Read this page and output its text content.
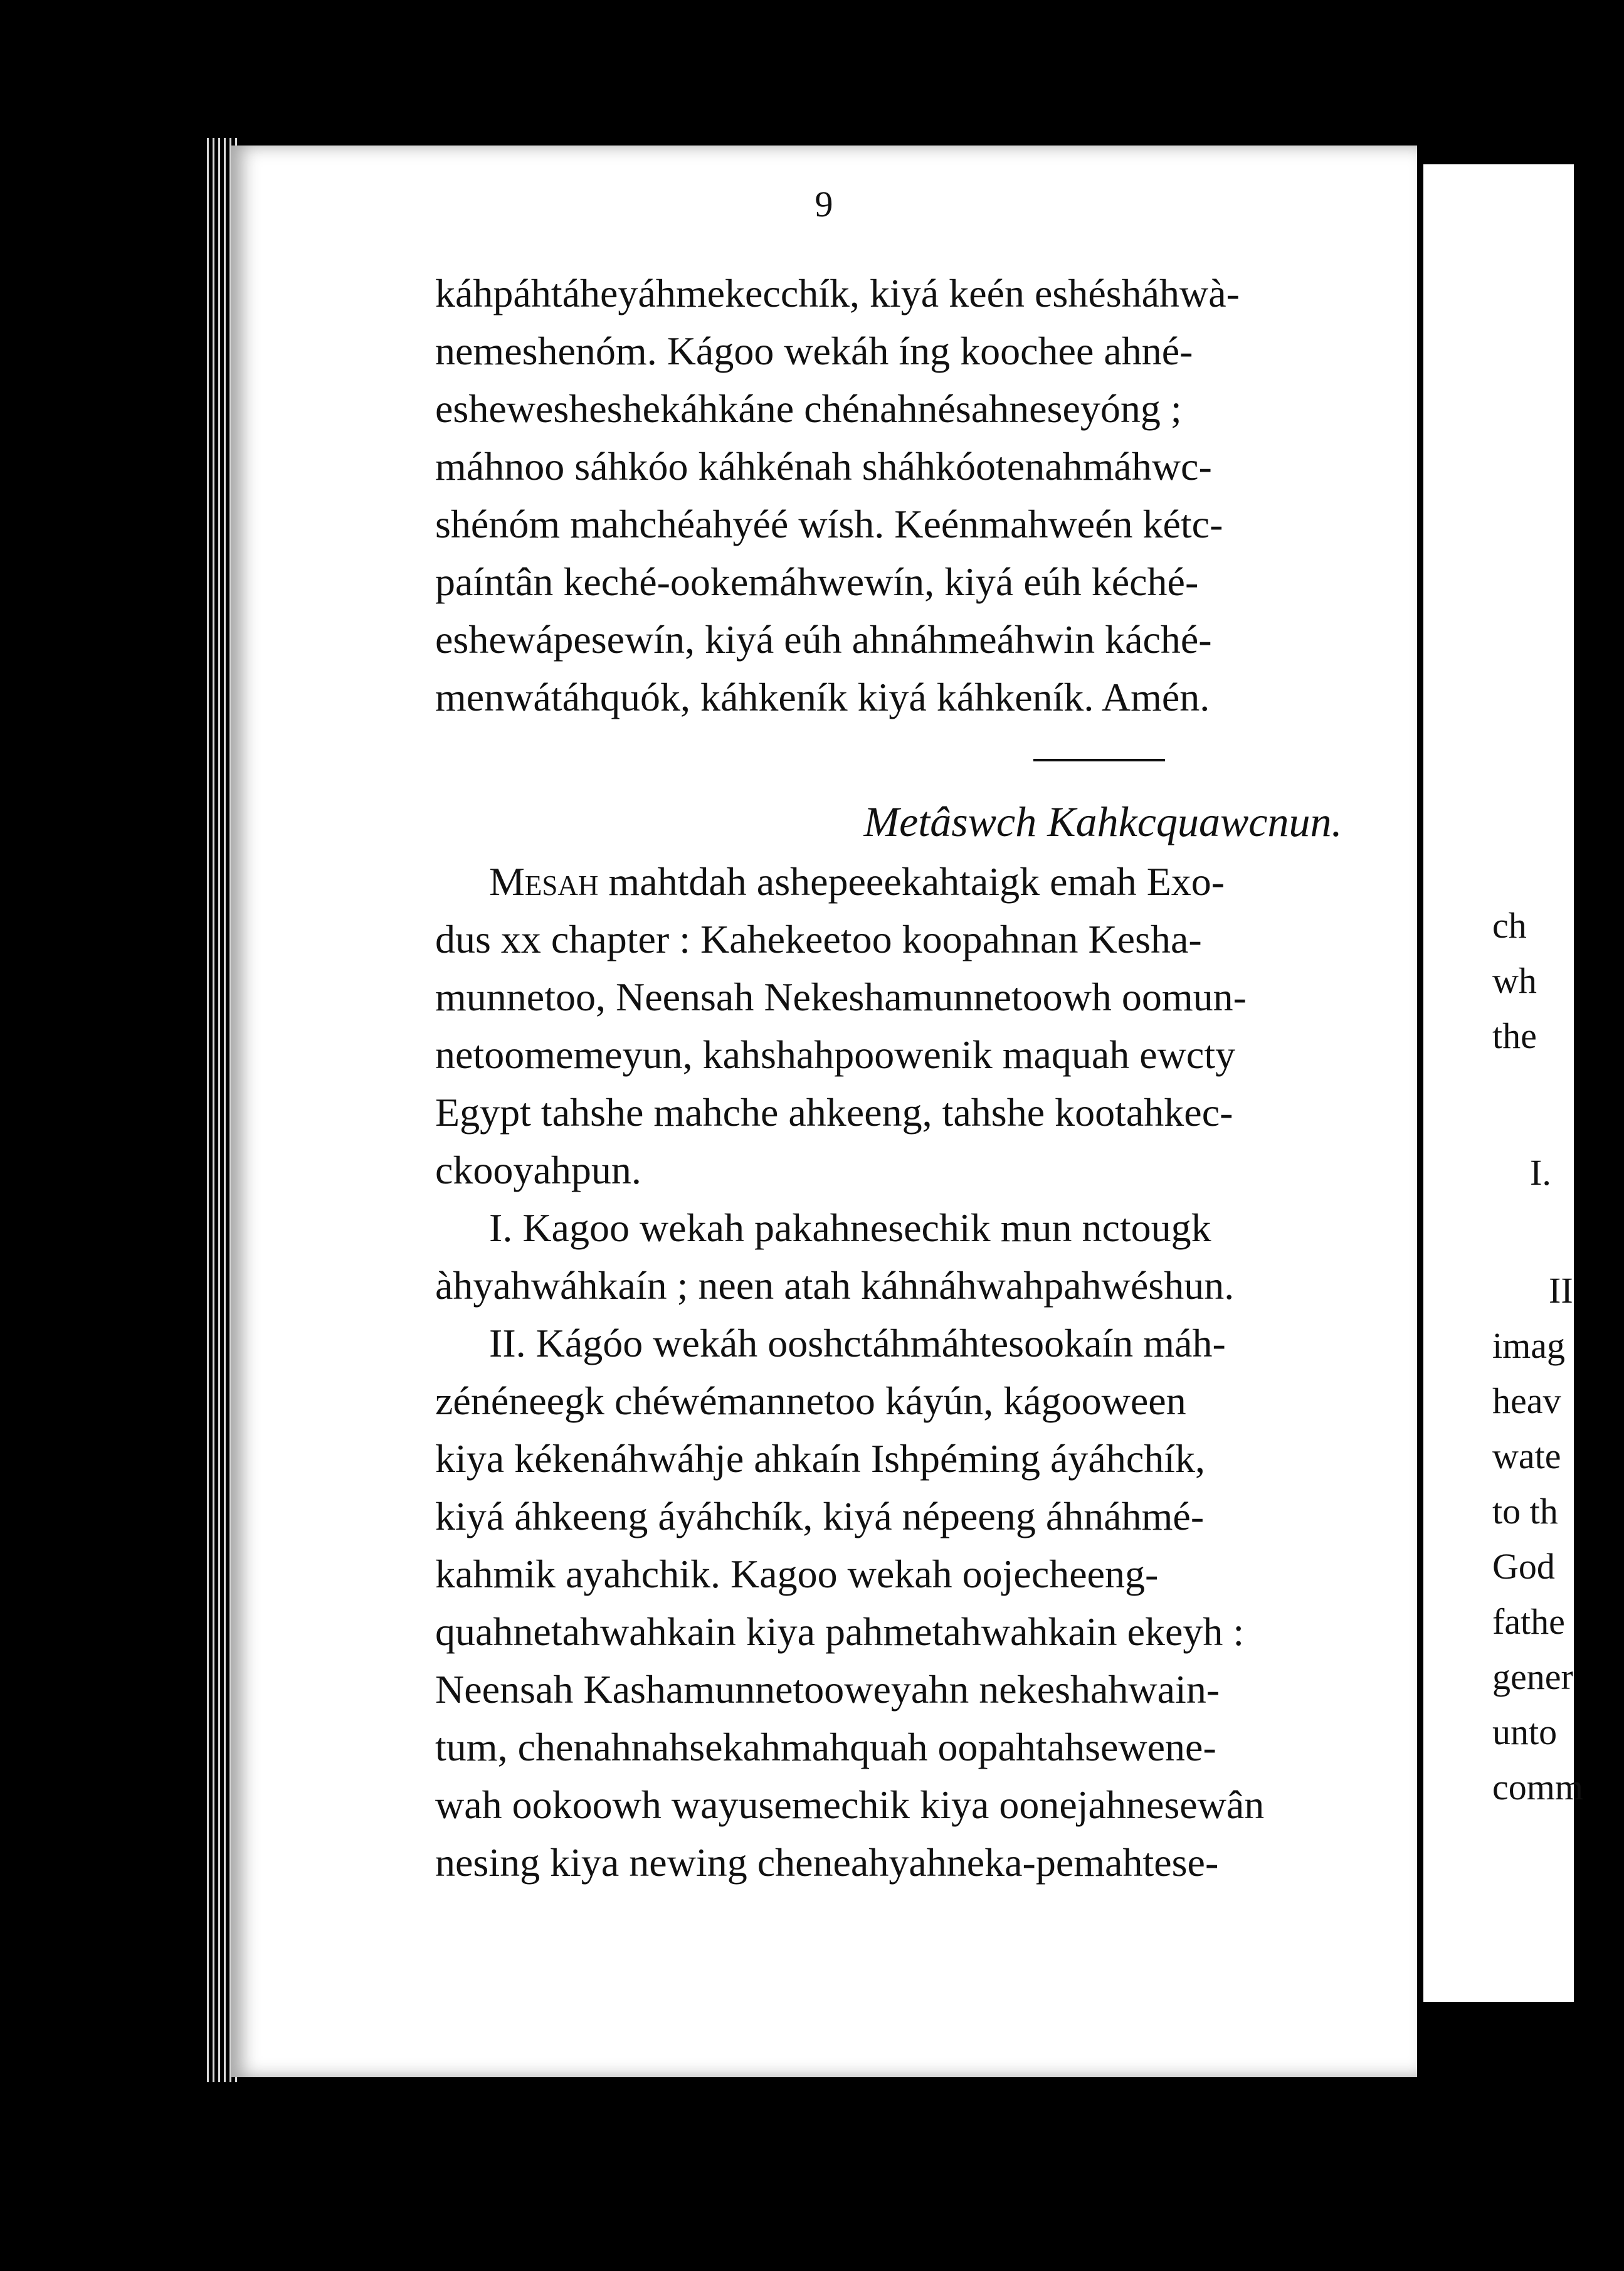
9
káhpáhtáheyáhmekecchík, kiyá keén eshésháhwà-
nemeshenóm. Kágoo wekáh íng koochee ahné-
eshewesheshekáhkáne chénahnésahneseyóng ;
máhnoo sáhkóo káhkénah sháhkóotenahmáhwc-
shénóm mahchéahyéé wísh. Keénmahweén kétc-
paíntân keché-ookemáhwewín, kiyá eúh kéché-
eshewápesewín, kiyá eúh ahnáhmeáhwin káché-
menwátáhquók, káhkeník kiyá káhkeník. Amén.
Metâswch Kahkcquawcnun.
Mesah mahtdah ashepeeekahtaigk emah Exo-
dus xx chapter : Kahekeetoo koopahnan Kesha-
munnetoo, Neensah Nekeshamunnetoowh oomun-
netoomemeyun, kahshahpoowenik maquah ewcty
Egypt tahshe mahche ahkeeng, tahshe kootahkec-
ckooyahpun.
I. Kagoo wekah pakahnesechik mun nctougk
àhyahwáhkaín ; neen atah káhnáhwahpahwéshun.
II. Kágóo wekáh ooshctáhmáhtesookaín máh-
zénéneegk chéwémannetoo káyún, kágooween
kiya kékenáhwáhje ahkaín Ishpéming áyáhchík,
kiyá áhkeeng áyáhchík, kiyá népeeng áhnáhmé-
kahmik ayahchik. Kagoo wekah oojecheeng-
quahnetahwahkain kiya pahmetahwahkain ekeyh :
Neensah Kashamunnetooweyahn nekeshahwain-
tum, chenahnahsekahmahquah oopahtahsewene-
wah ookoowh wayusemechik kiya oonejahnesewân
nesing kiya newing cheneahyahneka-pemahtese-
ch
wh
the
I.
II
imag
heav
wate
to th
God
fathe
gener
unto
comm
